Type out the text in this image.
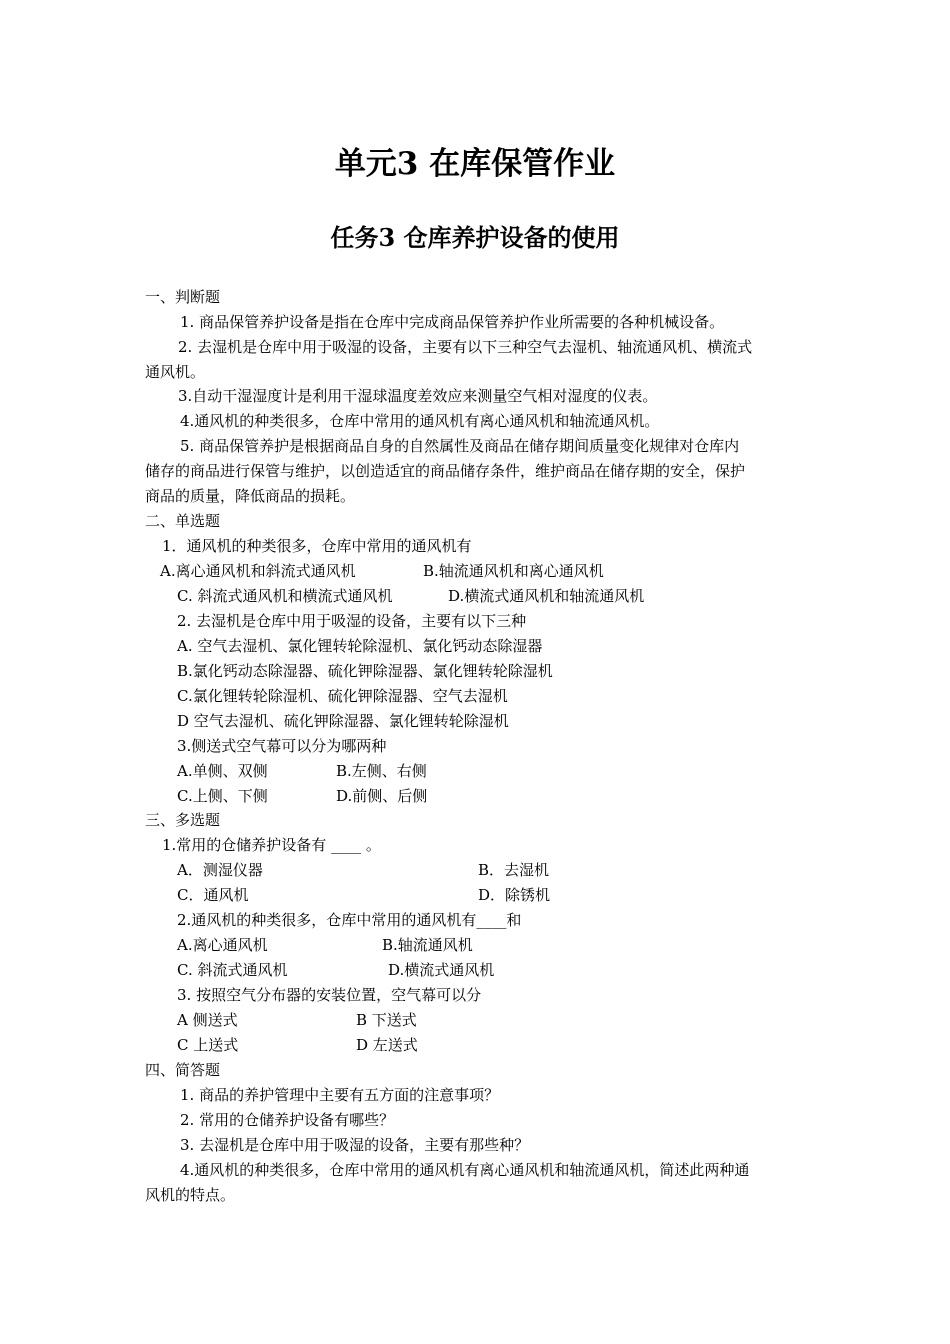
单元3 在库保管作业
任务3 仓库养护设备的使用

一、判断题

1. 商品保管养护设备是指在仓库中完成商品保管养护作业所需要的各种机械设备。

2. 去湿机是仓库中用于吸湿的设备，主要有以下三种空气去湿机、轴流通风机、横流式

通风机。

3.自动干湿湿度计是利用干湿球温度差效应来测量空气相对湿度的仪表。

4.通风机的种类很多，仓库中常用的通风机有离心通风机和轴流通风机。

5. 商品保管养护是根据商品自身的自然属性及商品在储存期间质量变化规律对仓库内

储存的商品进行保管与维护，以创造适宜的商品储存条件，维护商品在储存期的安全，保护

商品的质量，降低商品的损耗。

二、单选题

1．通风机的种类很多，仓库中常用的通风机有

A.离心通风机和斜流式通风机	B.轴流通风机和离心通风机

C. 斜流式通风机和横流式通风机	D.横流式通风机和轴流通风机

2. 去湿机是仓库中用于吸湿的设备，主要有以下三种

A. 空气去湿机、氯化锂转轮除湿机、氯化钙动态除湿器

B.氯化钙动态除湿器、硫化钾除湿器、氯化锂转轮除湿机

C.氯化锂转轮除湿机、硫化钾除湿器、空气去湿机

D 空气去湿机、硫化钾除湿器、氯化锂转轮除湿机

3.侧送式空气幕可以分为哪两种

A.单侧、双侧	B.左侧、右侧

C.上侧、下侧	D.前侧、后侧

三、多选题

1.常用的仓储养护设备有 ____ 。

A．测湿仪器	B．去湿机

C．通风机	D．除锈机

2.通风机的种类很多，仓库中常用的通风机有____和

A.离心通风机	B.轴流通风机

C. 斜流式通风机	D.横流式通风机

3. 按照空气分布器的安装位置，空气幕可以分

A 侧送式	B 下送式

C 上送式	D 左送式

四、简答题

1. 商品的养护管理中主要有五方面的注意事项？

2. 常用的仓储养护设备有哪些？

3. 去湿机是仓库中用于吸湿的设备，主要有那些种？

4.通风机的种类很多，仓库中常用的通风机有离心通风机和轴流通风机，简述此两种通

风机的特点。
